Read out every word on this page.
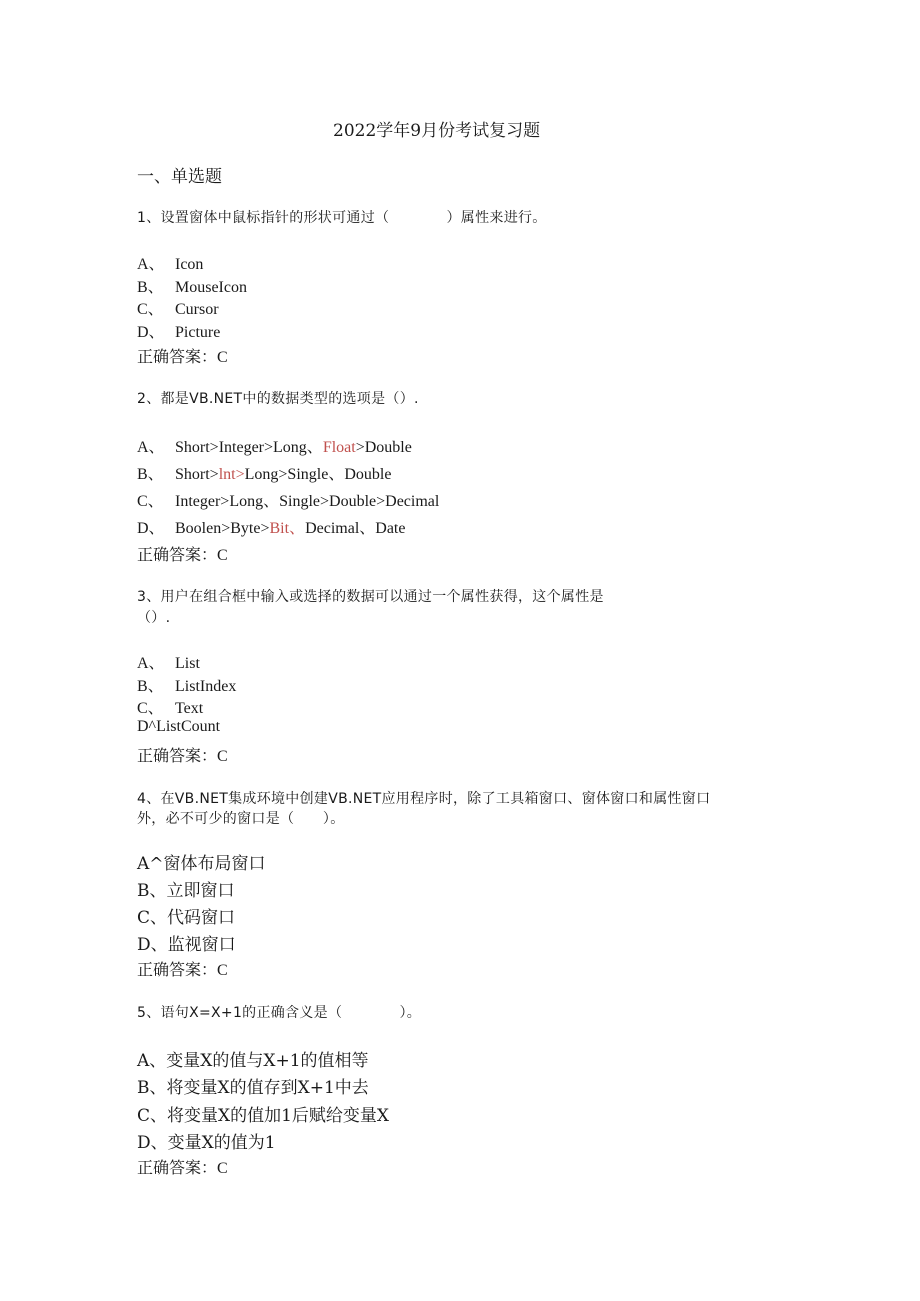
2022学年9月份考试复习题
一、单选题
1、设置窗体中鼠标指针的形状可通过（　　　　）属性来进行。
A、 Icon
B、 MouseIcon
C、 Cursor
D、 Picture
正确答案：C
2、都是VB.NET中的数据类型的选项是（）.
A、 Short>Integer>Long、Float>Double
B、 Short>lnt>Long>Single、Double
C、 Integer>Long、Single>Double>Decimal
D、 Boolen>Byte>Bit、Decimal、Date
正确答案：C
3、用户在组合框中输入或选择的数据可以通过一个属性获得，这个属性是
（）.
A、 List
B、 ListIndex
C、 Text
D^ListCount
正确答案：C
4、在VB.NET集成环境中创建VB.NET应用程序时，除了工具箱窗口、窗体窗口和属性窗口
外，必不可少的窗口是（　　）。
A^窗体布局窗口
B、立即窗口
C、代码窗口
D、监视窗口
正确答案：C
5、语句X=X+1的正确含义是（　　　　）。
A、变量X的值与X+1的值相等
B、将变量X的值存到X+1中去
C、将变量X的值加1后赋给变量X
D、变量X的值为1
正确答案：C
